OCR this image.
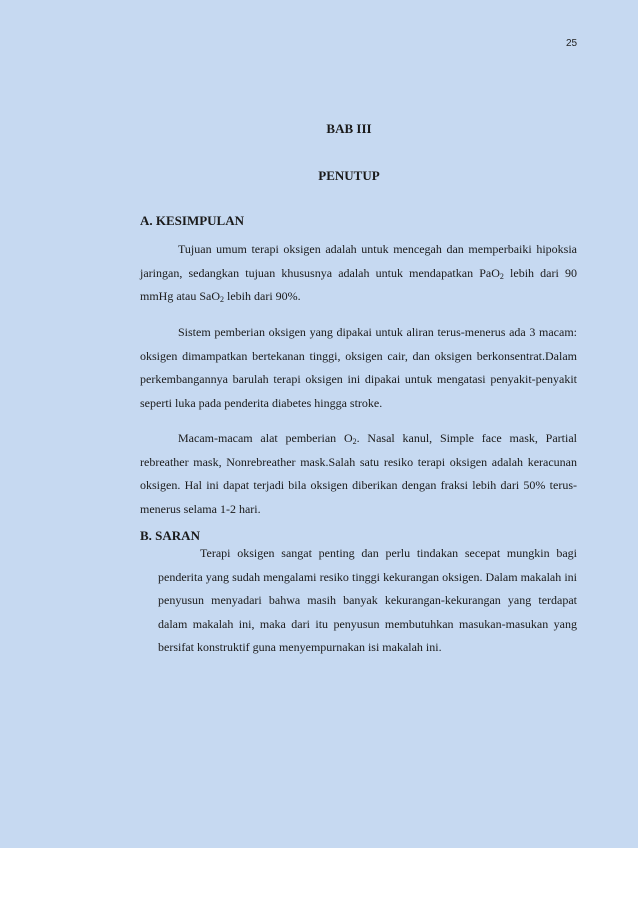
25
BAB III
PENUTUP
A. KESIMPULAN

Tujuan umum terapi oksigen adalah untuk mencegah dan memperbaiki hipoksia jaringan, sedangkan tujuan khususnya adalah untuk mendapatkan PaO$_2$ lebih dari 90 mmHg atau SaO$_2$ lebih dari 90%.

Sistem pemberian oksigen yang dipakai untuk aliran terus-menerus ada 3 macam: oksigen dimampatkan bertekanan tinggi, oksigen cair, dan oksigen berkonsentrat.Dalam perkembangannya barulah terapi oksigen ini dipakai untuk mengatasi penyakit-penyakit seperti luka pada penderita diabetes hingga stroke.

Macam-macam alat pemberian $O_2$. Nasal kanul, Simple face mask, Partial rebreather mask, Nonrebreather mask.Salah satu resiko terapi oksigen adalah keracunan oksigen. Hal ini dapat terjadi bila oksigen diberikan dengan fraksi lebih dari 50% terus-menerus selama 1-2 hari.

B. SARAN

Terapi oksigen sangat penting dan perlu tindakan secepat mungkin bagi penderita yang sudah mengalami resiko tinggi kekurangan oksigen. Dalam makalah ini penyusun menyadari bahwa masih banyak kekurangan-kekurangan yang terdapat dalam makalah ini, maka dari itu penyusun membutuhkan masukan-masukan yang bersifat konstruktif guna menyempurnakan isi makalah ini.
